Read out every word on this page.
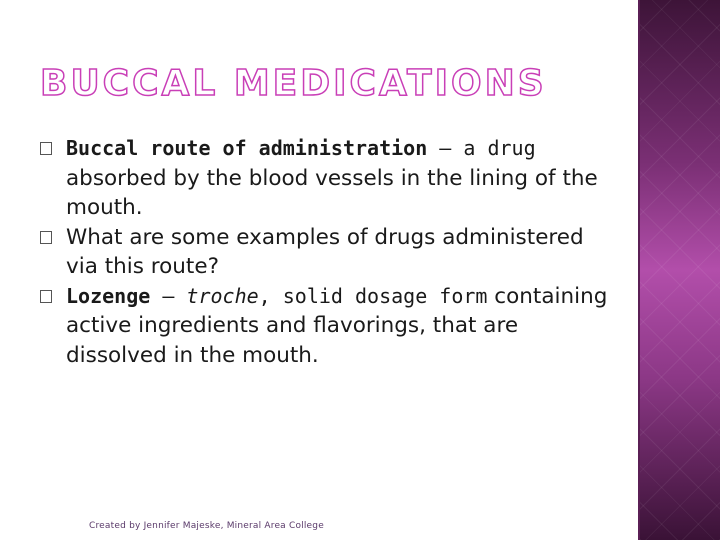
BUCCAL MEDICATIONS

Buccal route of administration – a drug absorbed by the blood vessels in the lining of the mouth.

What are some examples of drugs administered via this route?

Lozenge – troche, solid dosage form containing active ingredients and flavorings, that are dissolved in the mouth.

Created by Jennifer Majeske, Mineral Area College
